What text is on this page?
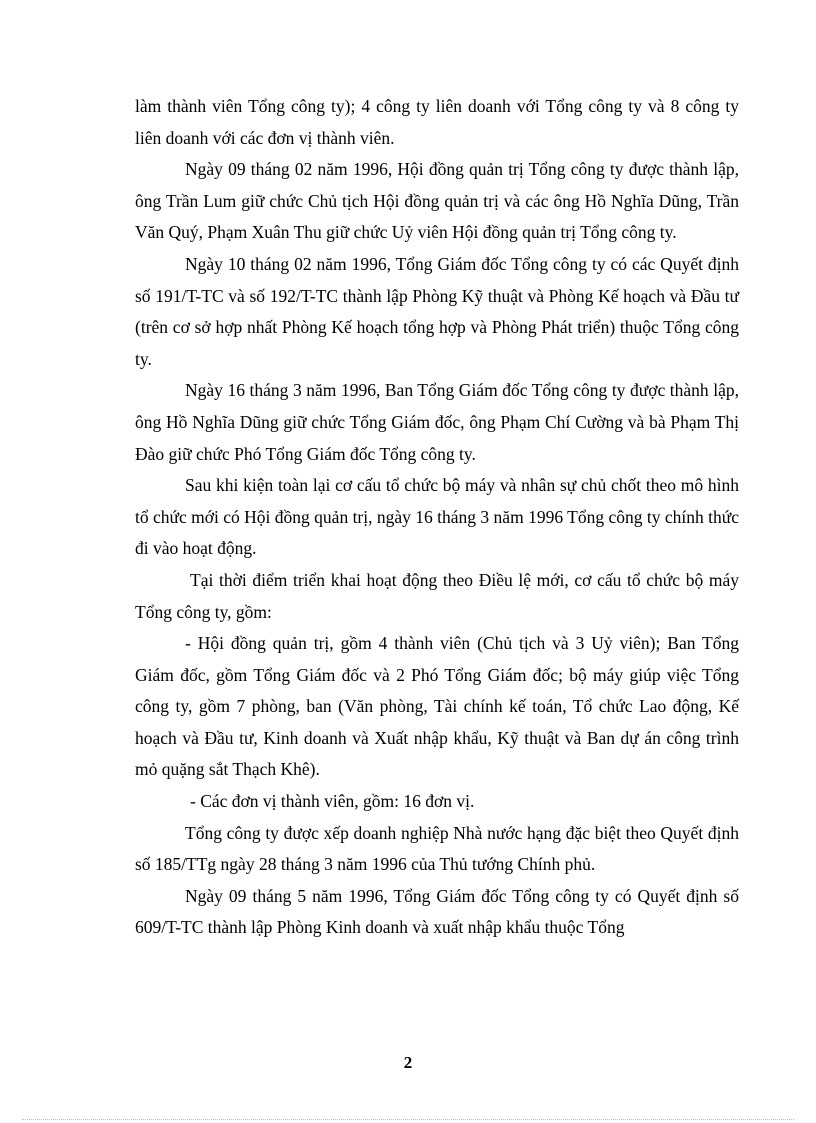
làm thành viên Tổng công ty); 4 công ty liên doanh với Tổng công ty và 8 công ty liên doanh với các đơn vị thành viên.

Ngày 09 tháng 02 năm 1996, Hội đồng quản trị Tổng công ty được thành lập, ông Trần Lum giữ chức Chủ tịch Hội đồng quản trị và các ông Hồ Nghĩa Dũng, Trần Văn Quý, Phạm Xuân Thu giữ chức Uỷ viên Hội đồng quản trị Tổng công ty.

Ngày 10 tháng 02 năm 1996, Tổng Giám đốc Tổng công ty có các Quyết định số 191/T-TC và số 192/T-TC thành lập Phòng Kỹ thuật và Phòng Kế hoạch và Đầu tư (trên cơ sở hợp nhất Phòng Kế hoạch tổng hợp và Phòng Phát triển) thuộc Tổng công ty.

Ngày 16 tháng 3 năm 1996, Ban Tổng Giám đốc Tổng công ty được thành lập, ông Hồ Nghĩa Dũng giữ chức Tổng Giám đốc, ông Phạm Chí Cường và bà Phạm Thị Đào giữ chức Phó Tổng Giám đốc Tổng công ty.

Sau khi kiện toàn lại cơ cấu tổ chức bộ máy và nhân sự chủ chốt theo mô hình tổ chức mới có Hội đồng quản trị, ngày 16 tháng 3 năm 1996 Tổng công ty chính thức đi vào hoạt động.

Tại thời điểm triển khai hoạt động theo Điều lệ mới, cơ cấu tổ chức bộ máy Tổng công ty, gồm:

- Hội đồng quản trị, gồm 4 thành viên (Chủ tịch và 3 Uỷ viên); Ban Tổng Giám đốc, gồm Tổng Giám đốc và 2 Phó Tổng Giám đốc; bộ máy giúp việc Tổng công ty, gồm 7 phòng, ban (Văn phòng, Tài chính kế toán, Tổ chức Lao động, Kế hoạch và Đầu tư, Kinh doanh và Xuất nhập khẩu, Kỹ thuật và Ban dự án công trình mỏ quặng sắt Thạch Khê).

- Các đơn vị thành viên, gồm: 16 đơn vị.

Tổng công ty được xếp doanh nghiệp Nhà nước hạng đặc biệt theo Quyết định số 185/TTg ngày 28 tháng 3 năm 1996 của Thủ tướng Chính phủ.

Ngày 09 tháng 5 năm 1996, Tổng Giám đốc Tổng công ty có Quyết định số 609/T-TC thành lập Phòng Kinh doanh và xuất nhập khẩu thuộc Tổng

2
